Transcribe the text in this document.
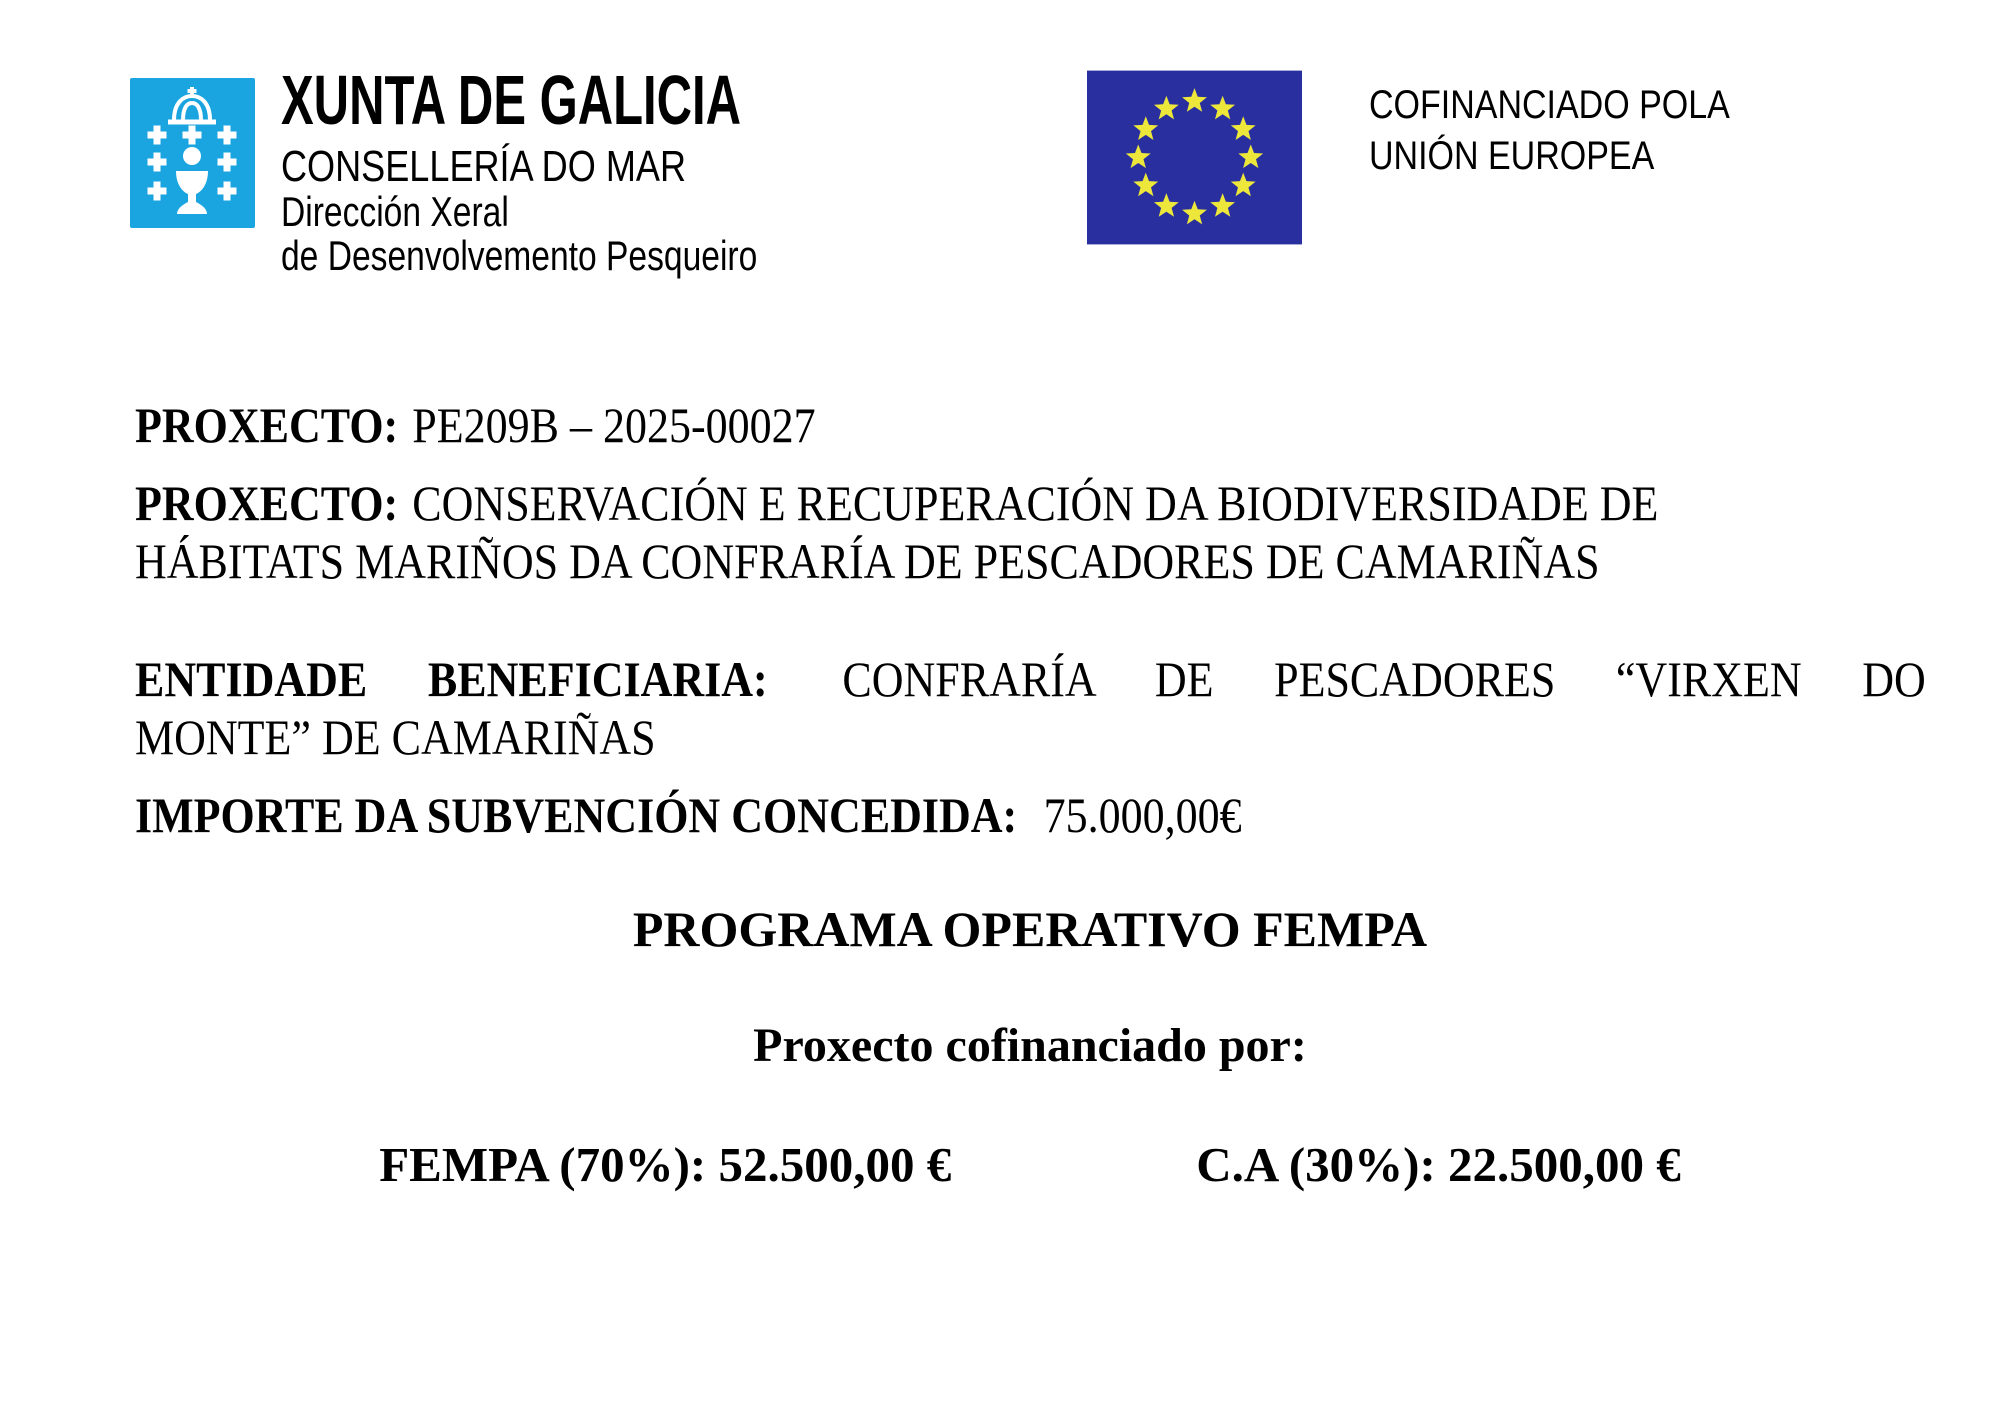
XUNTA DE GALICIA
CONSELLERÍA DO MAR
Dirección Xeral
de Desenvolvemento Pesqueiro
COFINANCIADO POLA
UNIÓN EUROPEA
PROXECTO: PE209B – 2025-00027
PROXECTO: CONSERVACIÓN E RECUPERACIÓN DA BIODIVERSIDADE DE
HÁBITATS MARIÑOS DA CONFRARÍA DE PESCADORES DE CAMARIÑAS
ENTIDADE BENEFICIARIA: CONFRARÍA DE PESCADORES “VIRXEN DO
MONTE” DE CAMARIÑAS
IMPORTE DA SUBVENCIÓN CONCEDIDA: 75.000,00€
PROGRAMA OPERATIVO FEMPA
Proxecto cofinanciado por:
FEMPA (70%): 52.500,00 €	C.A (30%): 22.500,00 €
